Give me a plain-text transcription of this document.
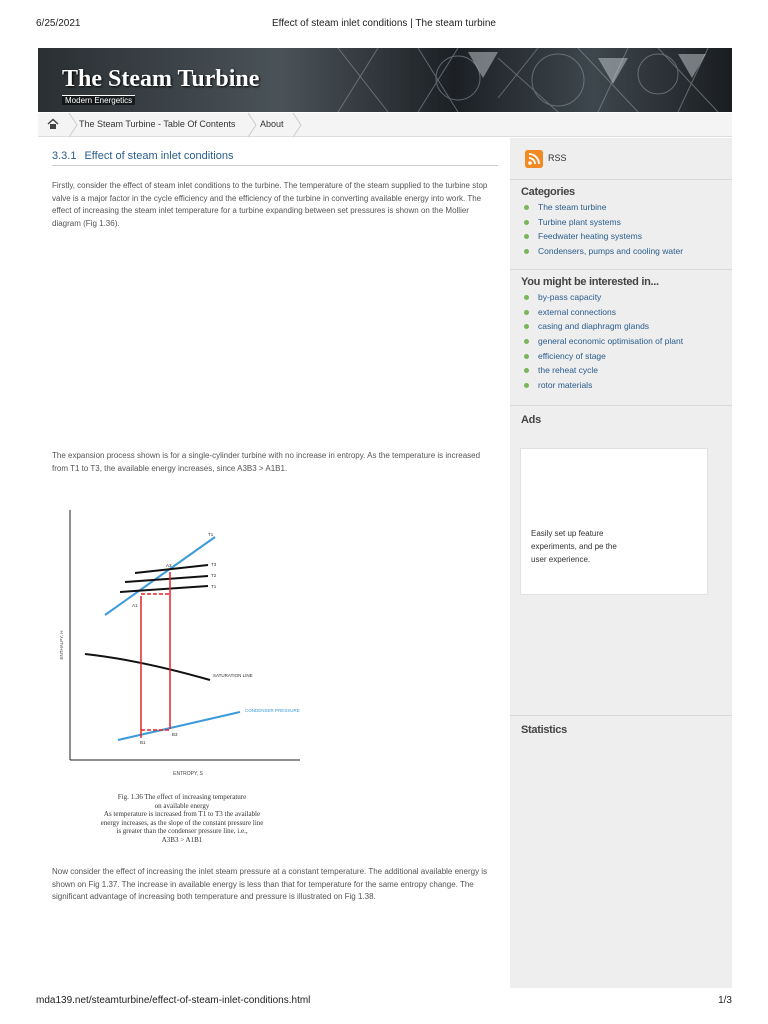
6/25/2021	Effect of steam inlet conditions | The steam turbine
The Steam Turbine
Modern Energetics
The Steam Turbine - Table Of Contents	About
3.3.1 Effect of steam inlet conditions

Firstly, consider the effect of steam inlet conditions to the turbine. The temperature of the steam supplied to the turbine stop valve is a major factor in the cycle efficiency and the efficiency of the turbine in converting available energy into work. The effect of increasing the steam inlet temperature for a turbine expanding between set pressures is shown on the Mollier diagram (Fig 1.36).

The expansion process shown is for a single-cylinder turbine with no increase in entropy. As the temperature is increased from T1 to T3, the available energy increases, since A3B3 > A1B1.

ENTHALPY, H
ENTROPY, S
T1
T3
T2
T1
A3
A1
B1
B3
SATURATION LINE
CONDENSER PRESSURE
Fig. 1.36 The effect of increasing temperature
on available energy
As temperature is increased from T1 to T3 the available
energy increases, as the slope of the constant pressure line
is greater than the condenser pressure line, i.e.,
A3B3 > A1B1

Now consider the effect of increasing the inlet steam pressure at a constant temperature. The additional available energy is shown on Fig 1.37. The increase in available energy is less than that for temperature for the same entropy change. The significant advantage of increasing both temperature and pressure is illustrated on Fig 1.38.

RSS
Categories
The steam turbine
Turbine plant systems
Feedwater heating systems
Condensers, pumps and cooling water
You might be interested in...
by-pass capacity
external connections
casing and diaphragm glands
general economic optimisation of plant
efficiency of stage
the reheat cycle
rotor materials
Ads
Easily set up feature experiments, and pe the user experience.
Statistics
mda139.net/steamturbine/effect-of-steam-inlet-conditions.html	1/3
